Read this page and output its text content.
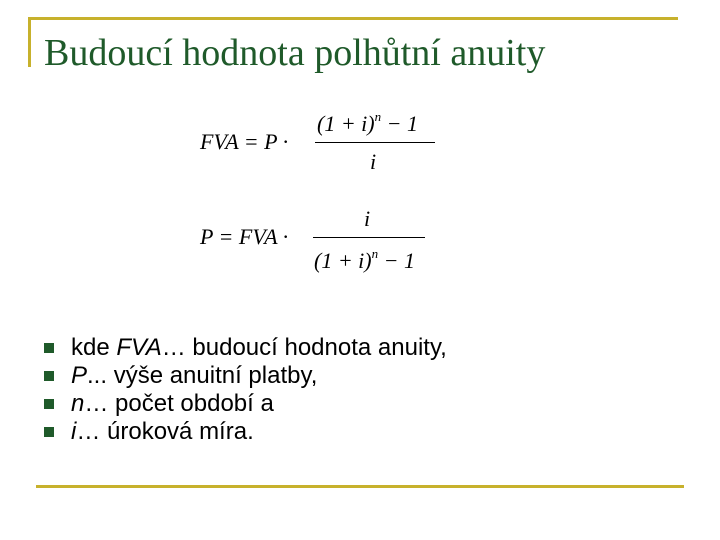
Budoucí hodnota polhůtní anuity
FVA = P ·
$(1 + i)^n - 1$
i
P = FVA ·
i
$(1 + i)^n - 1$
kde FVA… budoucí hodnota anuity,
P... výše anuitní platby,
n… počet období a
i… úroková míra.
